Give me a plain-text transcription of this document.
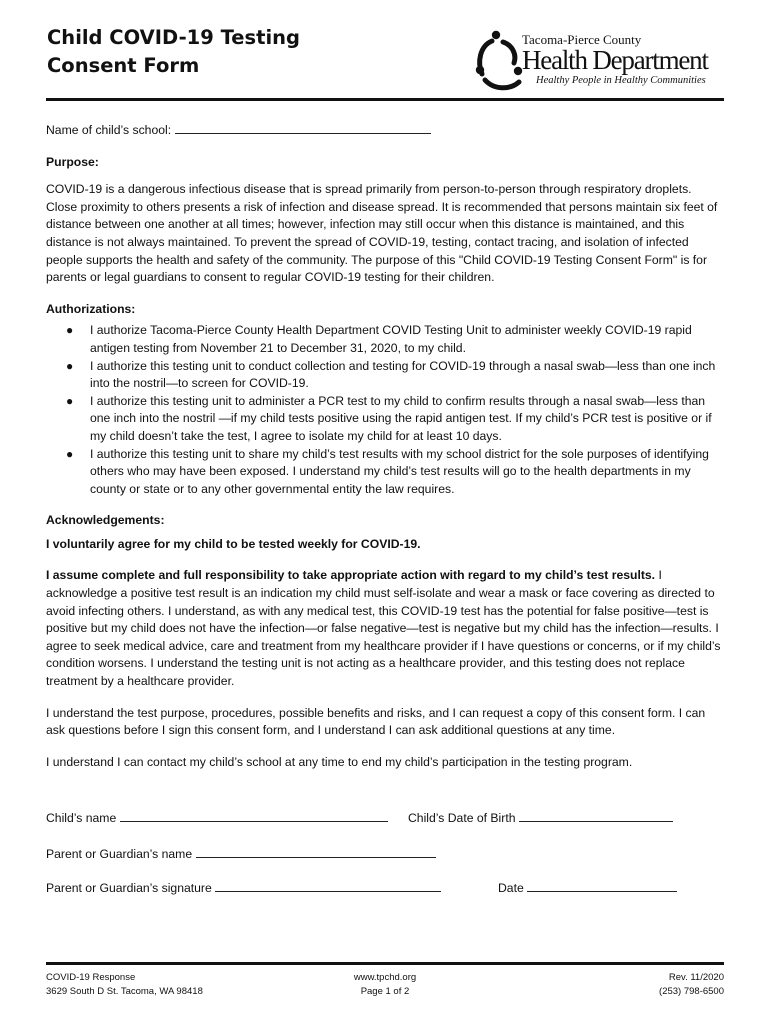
Child COVID-19 Testing
Consent Form
Tacoma-Pierce County
Health Department
Healthy People in Healthy Communities

Name of child’s school:

Purpose:

COVID-19 is a dangerous infectious disease that is spread primarily from person-to-person through respiratory droplets. Close proximity to others presents a risk of infection and disease spread. It is recommended that persons maintain six feet of distance between one another at all times; however, infection may still occur when this distance is maintained, and this distance is not always maintained. To prevent the spread of COVID-19, testing, contact tracing, and isolation of infected people supports the health and safety of the community. The purpose of this "Child COVID-19 Testing Consent Form" is for parents or legal guardians to consent to regular COVID-19 testing for their children.

Authorizations:

● I authorize Tacoma-Pierce County Health Department COVID Testing Unit to administer weekly COVID-19 rapid antigen testing from November 21 to December 31, 2020, to my child.
● I authorize this testing unit to conduct collection and testing for COVID-19 through a nasal swab—less than one inch into the nostril—to screen for COVID-19.
● I authorize this testing unit to administer a PCR test to my child to confirm results through a nasal swab—less than one inch into the nostril —if my child tests positive using the rapid antigen test. If my child’s PCR test is positive or if my child doesn’t take the test, I agree to isolate my child for at least 10 days.
● I authorize this testing unit to share my child’s test results with my school district for the sole purposes of identifying others who may have been exposed. I understand my child’s test results will go to the health departments in my county or state or to any other governmental entity the law requires.

Acknowledgements:

I voluntarily agree for my child to be tested weekly for COVID-19.

I assume complete and full responsibility to take appropriate action with regard to my child’s test results. I acknowledge a positive test result is an indication my child must self-isolate and wear a mask or face covering as directed to avoid infecting others. I understand, as with any medical test, this COVID-19 test has the potential for false positive—test is positive but my child does not have the infection—or false negative—test is negative but my child has the infection—results. I agree to seek medical advice, care and treatment from my healthcare provider if I have questions or concerns, or if my child’s condition worsens. I understand the testing unit is not acting as a healthcare provider, and this testing does not replace treatment by a healthcare provider.

I understand the test purpose, procedures, possible benefits and risks, and I can request a copy of this consent form. I can ask questions before I sign this consent form, and I understand I can ask additional questions at any time.

I understand I can contact my child’s school at any time to end my child’s participation in the testing program.

Child’s name	Child’s Date of Birth
Parent or Guardian’s name
Parent or Guardian’s signature	Date
COVID-19 Response
3629 South D St. Tacoma, WA 98418
www.tpchd.org
Page 1 of 2
Rev. 11/2020
(253) 798-6500
